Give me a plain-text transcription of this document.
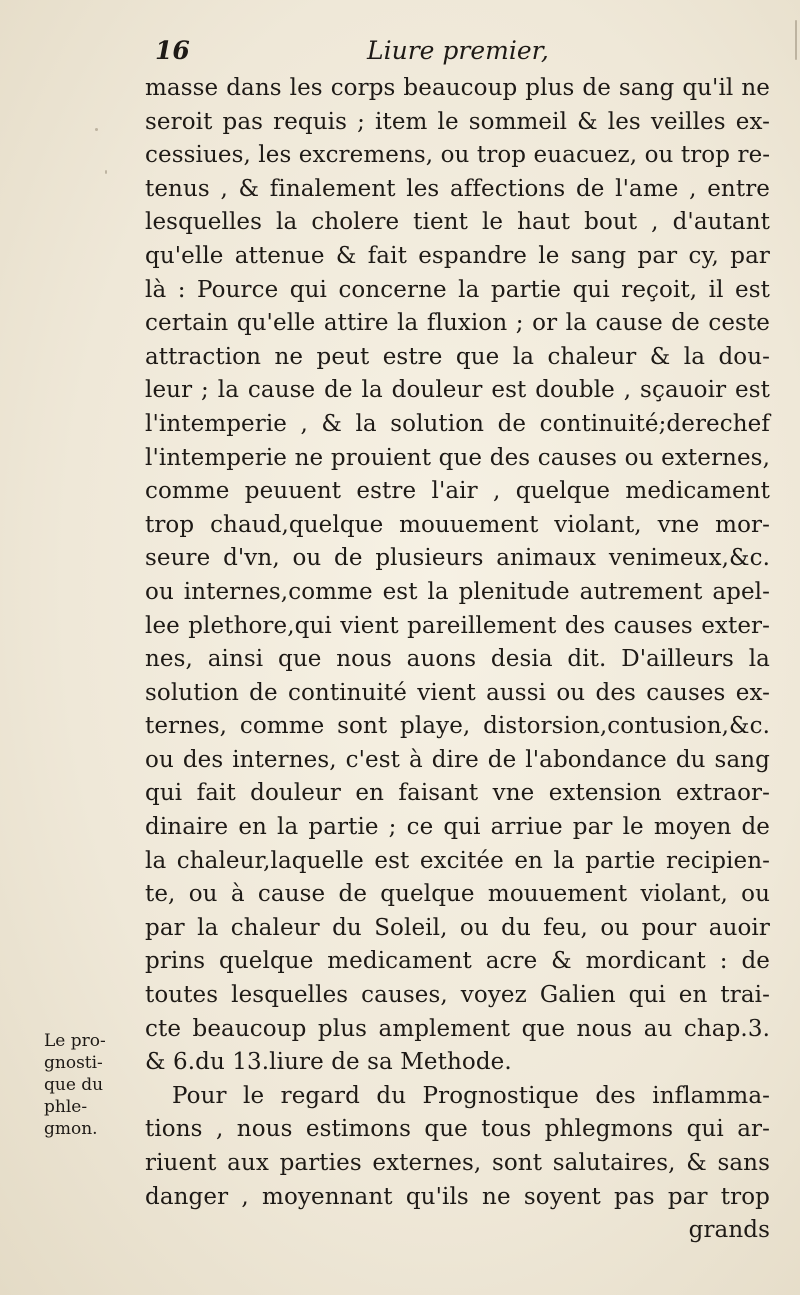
16	Liure premier,
masse dans les corps beaucoup plus de sang qu'il ne
seroit pas requis ; item le sommeil & les veilles ex-
cessiues, les excremens, ou trop euacuez, ou trop re-
tenus , & finalement les affections de l'ame , entre
lesquelles la cholere tient le haut bout , d'autant
qu'elle attenue & fait espandre le sang par cy, par
là : Pource qui concerne la partie qui reçoit, il est
certain qu'elle attire la fluxion ; or la cause de ceste
attraction ne peut estre que la chaleur & la dou-
leur ; la cause de la douleur est double , sçauoir est
l'intemperie , & la solution de continuité;derechef
l'intemperie ne prouient que des causes ou externes,
comme peuuent estre l'air , quelque medicament
trop chaud,quelque mouuement violant, vne mor-
seure d'vn, ou de plusieurs animaux venimeux,&c.
ou internes,comme est la plenitude autrement apel-
lee plethore,qui vient pareillement des causes exter-
nes, ainsi que nous auons desia dit. D'ailleurs la
solution de continuité vient aussi ou des causes ex-
ternes, comme sont playe, distorsion,contusion,&c.
ou des internes, c'est à dire de l'abondance du sang
qui fait douleur en faisant vne extension extraor-
dinaire en la partie ; ce qui arriue par le moyen de
la chaleur,laquelle est excitée en la partie recipien-
te, ou à cause de quelque mouuement violant, ou
par la chaleur du Soleil, ou du feu, ou pour auoir
prins quelque medicament acre & mordicant : de
toutes lesquelles causes, voyez Galien qui en trai-
cte beaucoup plus amplement que nous au chap.3.
& 6.du 13.liure de sa Methode.
Pour le regard du Prognostique des inflamma-
tions , nous estimons que tous phlegmons qui ar-
riuent aux parties externes, sont salutaires, & sans
danger , moyennant qu'ils ne soyent pas par trop
grands
Le pro-
gnosti-
que du
phle-
gmon.
